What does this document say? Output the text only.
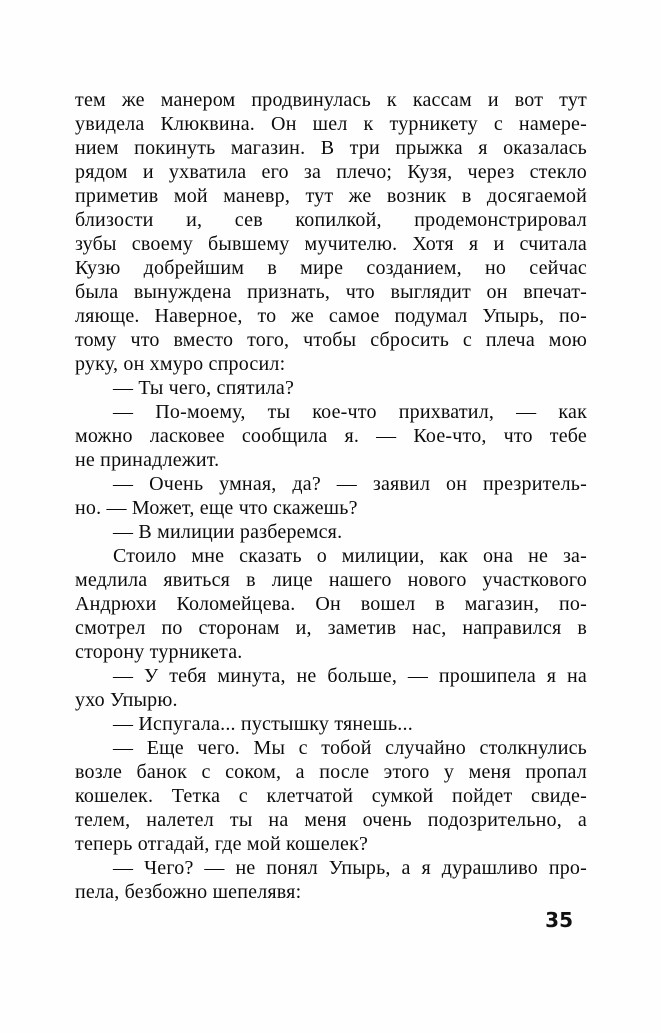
тем же манером продвинулась к кассам и вот тут
увидела Клюквина. Он шел к турникету с намере-
нием покинуть магазин. В три прыжка я оказалась
рядом и ухватила его за плечо; Кузя, через стекло
приметив мой маневр, тут же возник в досягаемой
близости и, сев копилкой, продемонстрировал
зубы своему бывшему мучителю. Хотя я и считала
Кузю добрейшим в мире созданием, но сейчас
была вынуждена признать, что выглядит он впечат-
ляюще. Наверное, то же самое подумал Упырь, по-
тому что вместо того, чтобы сбросить с плеча мою
руку, он хмуро спросил:
— Ты чего, спятила?
— По-моему, ты кое-что прихватил, — как
можно ласковее сообщила я. — Кое-что, что тебе
не принадлежит.
— Очень умная, да? — заявил он презритель-
но. — Может, еще что скажешь?
— В милиции разберемся.
Стоило мне сказать о милиции, как она не за-
медлила явиться в лице нашего нового участкового
Андрюхи Коломейцева. Он вошел в магазин, по-
смотрел по сторонам и, заметив нас, направился в
сторону турникета.
— У тебя минута, не больше, — прошипела я на
ухо Упырю.
— Испугала... пустышку тянешь...
— Еще чего. Мы с тобой случайно столкнулись
возле банок с соком, а после этого у меня пропал
кошелек. Тетка с клетчатой сумкой пойдет свиде-
телем, налетел ты на меня очень подозрительно, а
теперь отгадай, где мой кошелек?
— Чего? — не понял Упырь, а я дурашливо про-
пела, безбожно шепелявя:
35
